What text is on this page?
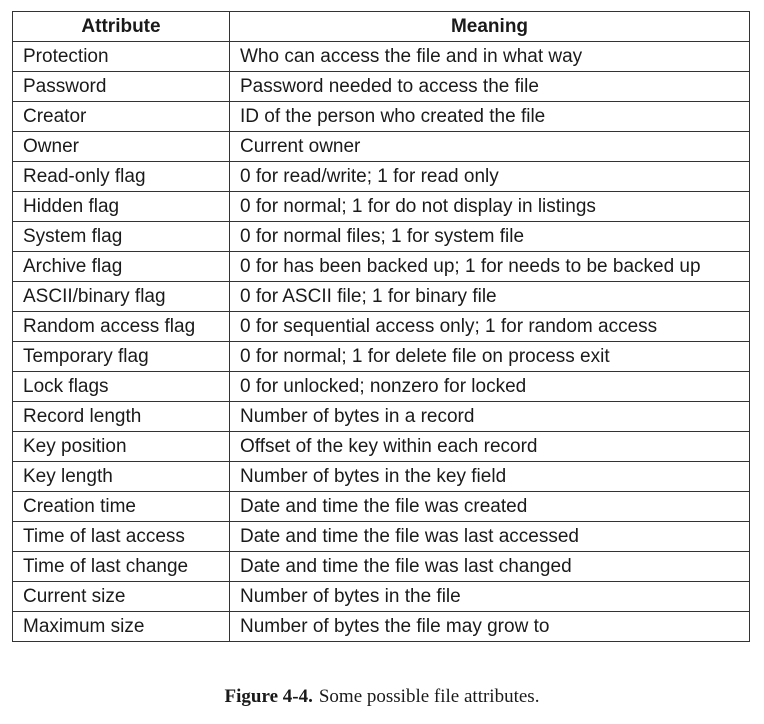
Attribute	Meaning
Protection	Who can access the file and in what way
Password	Password needed to access the file
Creator	ID of the person who created the file
Owner	Current owner
Read-only flag	0 for read/write; 1 for read only
Hidden flag	0 for normal; 1 for do not display in listings
System flag	0 for normal files; 1 for system file
Archive flag	0 for has been backed up; 1 for needs to be backed up
ASCII/binary flag	0 for ASCII file; 1 for binary file
Random access flag	0 for sequential access only; 1 for random access
Temporary flag	0 for normal; 1 for delete file on process exit
Lock flags	0 for unlocked; nonzero for locked
Record length	Number of bytes in a record
Key position	Offset of the key within each record
Key length	Number of bytes in the key field
Creation time	Date and time the file was created
Time of last access	Date and time the file was last accessed
Time of last change	Date and time the file was last changed
Current size	Number of bytes in the file
Maximum size	Number of bytes the file may grow to
Figure 4-4. Some possible file attributes.
